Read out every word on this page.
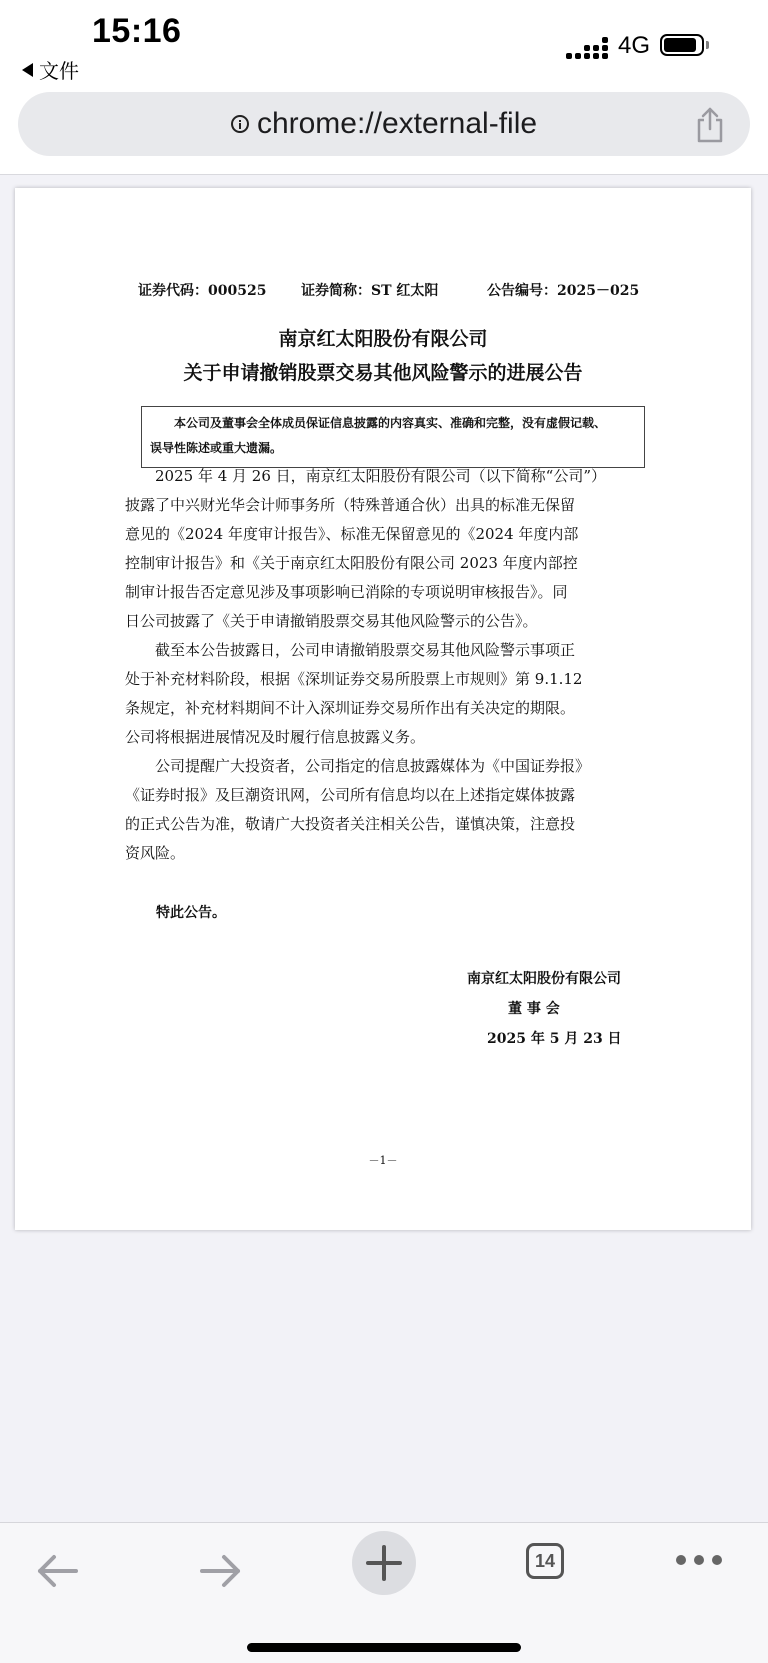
15:16
文件
4G
chrome://external-file
证券代码：000525 证券简称：ST 红太阳	公告编号：2025－025
南京红太阳股份有限公司
关于申请撤销股票交易其他风险警示的进展公告
本公司及董事会全体成员保证信息披露的内容真实、准确和完整，没有虚假记载、
误导性陈述或重大遗漏。
2025 年 4 月 26 日，南京红太阳股份有限公司（以下简称“公司”）
披露了中兴财光华会计师事务所（特殊普通合伙）出具的标准无保留
意见的《2024 年度审计报告》、标准无保留意见的《2024 年度内部
控制审计报告》和《关于南京红太阳股份有限公司 2023 年度内部控
制审计报告否定意见涉及事项影响已消除的专项说明审核报告》。同
日公司披露了《关于申请撤销股票交易其他风险警示的公告》。
截至本公告披露日，公司申请撤销股票交易其他风险警示事项正
处于补充材料阶段，根据《深圳证券交易所股票上市规则》第 9.1.12
条规定，补充材料期间不计入深圳证券交易所作出有关决定的期限。
公司将根据进展情况及时履行信息披露义务。
公司提醒广大投资者，公司指定的信息披露媒体为《中国证券报》
《证券时报》及巨潮资讯网，公司所有信息均以在上述指定媒体披露
的正式公告为准，敬请广大投资者关注相关公告，谨慎决策，注意投
资风险。
特此公告。
南京红太阳股份有限公司
董 事 会
2025 年 5 月 23 日
－1－
14
